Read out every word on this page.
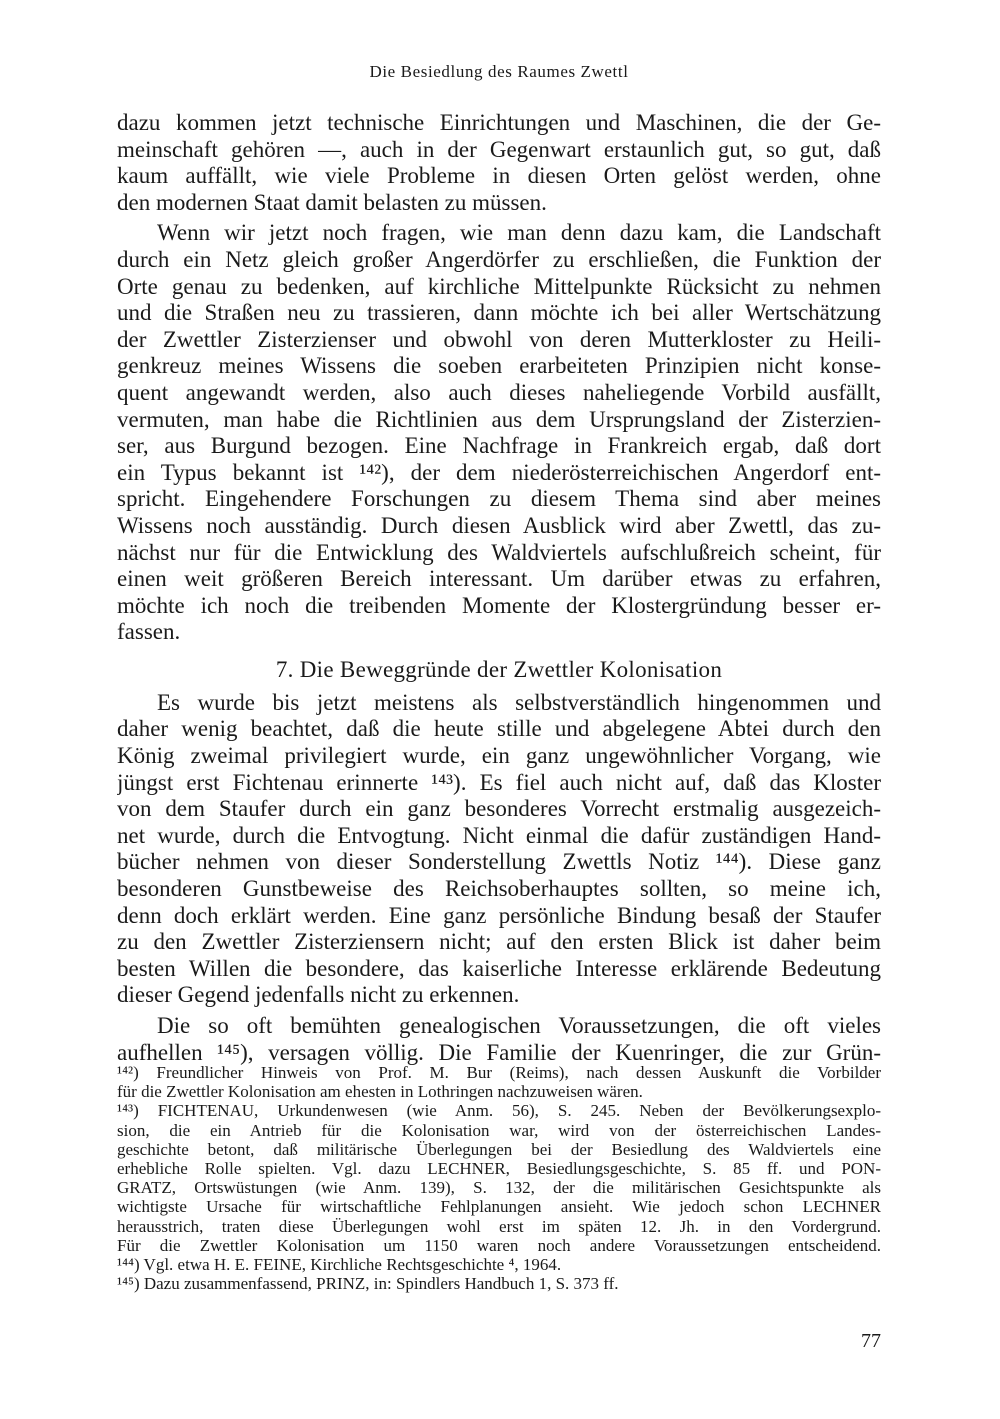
Die Besiedlung des Raumes Zwettl
dazu kommen jetzt technische Einrichtungen und Maschinen, die der Ge-
meinschaft gehören —, auch in der Gegenwart erstaunlich gut, so gut, daß
kaum auffällt, wie viele Probleme in diesen Orten gelöst werden, ohne
den modernen Staat damit belasten zu müssen.
Wenn wir jetzt noch fragen, wie man denn dazu kam, die Landschaft
durch ein Netz gleich großer Angerdörfer zu erschließen, die Funktion der
Orte genau zu bedenken, auf kirchliche Mittelpunkte Rücksicht zu nehmen
und die Straßen neu zu trassieren, dann möchte ich bei aller Wertschätzung
der Zwettler Zisterzienser und obwohl von deren Mutterkloster zu Heili-
genkreuz meines Wissens die soeben erarbeiteten Prinzipien nicht konse-
quent angewandt werden, also auch dieses naheliegende Vorbild ausfällt,
vermuten, man habe die Richtlinien aus dem Ursprungsland der Zisterzien-
ser, aus Burgund bezogen. Eine Nachfrage in Frankreich ergab, daß dort
ein Typus bekannt ist ¹⁴²), der dem niederösterreichischen Angerdorf ent-
spricht. Eingehendere Forschungen zu diesem Thema sind aber meines
Wissens noch ausständig. Durch diesen Ausblick wird aber Zwettl, das zu-
nächst nur für die Entwicklung des Waldviertels aufschlußreich scheint, für
einen weit größeren Bereich interessant. Um darüber etwas zu erfahren,
möchte ich noch die treibenden Momente der Klostergründung besser er-
fassen.
7. Die Beweggründe der Zwettler Kolonisation
Es wurde bis jetzt meistens als selbstverständlich hingenommen und
daher wenig beachtet, daß die heute stille und abgelegene Abtei durch den
König zweimal privilegiert wurde, ein ganz ungewöhnlicher Vorgang, wie
jüngst erst Fichtenau erinnerte ¹⁴³). Es fiel auch nicht auf, daß das Kloster
von dem Staufer durch ein ganz besonderes Vorrecht erstmalig ausgezeich-
net wurde, durch die Entvogtung. Nicht einmal die dafür zuständigen Hand-
bücher nehmen von dieser Sonderstellung Zwettls Notiz ¹⁴⁴). Diese ganz
besonderen Gunstbeweise des Reichsoberhauptes sollten, so meine ich,
denn doch erklärt werden. Eine ganz persönliche Bindung besaß der Staufer
zu den Zwettler Zisterziensern nicht; auf den ersten Blick ist daher beim
besten Willen die besondere, das kaiserliche Interesse erklärende Bedeutung
dieser Gegend jedenfalls nicht zu erkennen.
Die so oft bemühten genealogischen Voraussetzungen, die oft vieles
aufhellen ¹⁴⁵), versagen völlig. Die Familie der Kuenringer, die zur Grün-
¹⁴²) Freundlicher Hinweis von Prof. M. Bur (Reims), nach dessen Auskunft die Vorbilder
für die Zwettler Kolonisation am ehesten in Lothringen nachzuweisen wären.
¹⁴³) FICHTENAU, Urkundenwesen (wie Anm. 56), S. 245. Neben der Bevölkerungsexplo-
sion, die ein Antrieb für die Kolonisation war, wird von der österreichischen Landes-
geschichte betont, daß militärische Überlegungen bei der Besiedlung des Waldviertels eine
erhebliche Rolle spielten. Vgl. dazu LECHNER, Besiedlungsgeschichte, S. 85 ff. und PON-
GRATZ, Ortswüstungen (wie Anm. 139), S. 132, der die militärischen Gesichtspunkte als
wichtigste Ursache für wirtschaftliche Fehlplanungen ansieht. Wie jedoch schon LECHNER
herausstrich, traten diese Überlegungen wohl erst im späten 12. Jh. in den Vordergrund.
Für die Zwettler Kolonisation um 1150 waren noch andere Voraussetzungen entscheidend.
¹⁴⁴) Vgl. etwa H. E. FEINE, Kirchliche Rechtsgeschichte ⁴, 1964.
¹⁴⁵) Dazu zusammenfassend, PRINZ, in: Spindlers Handbuch 1, S. 373 ff.
77
